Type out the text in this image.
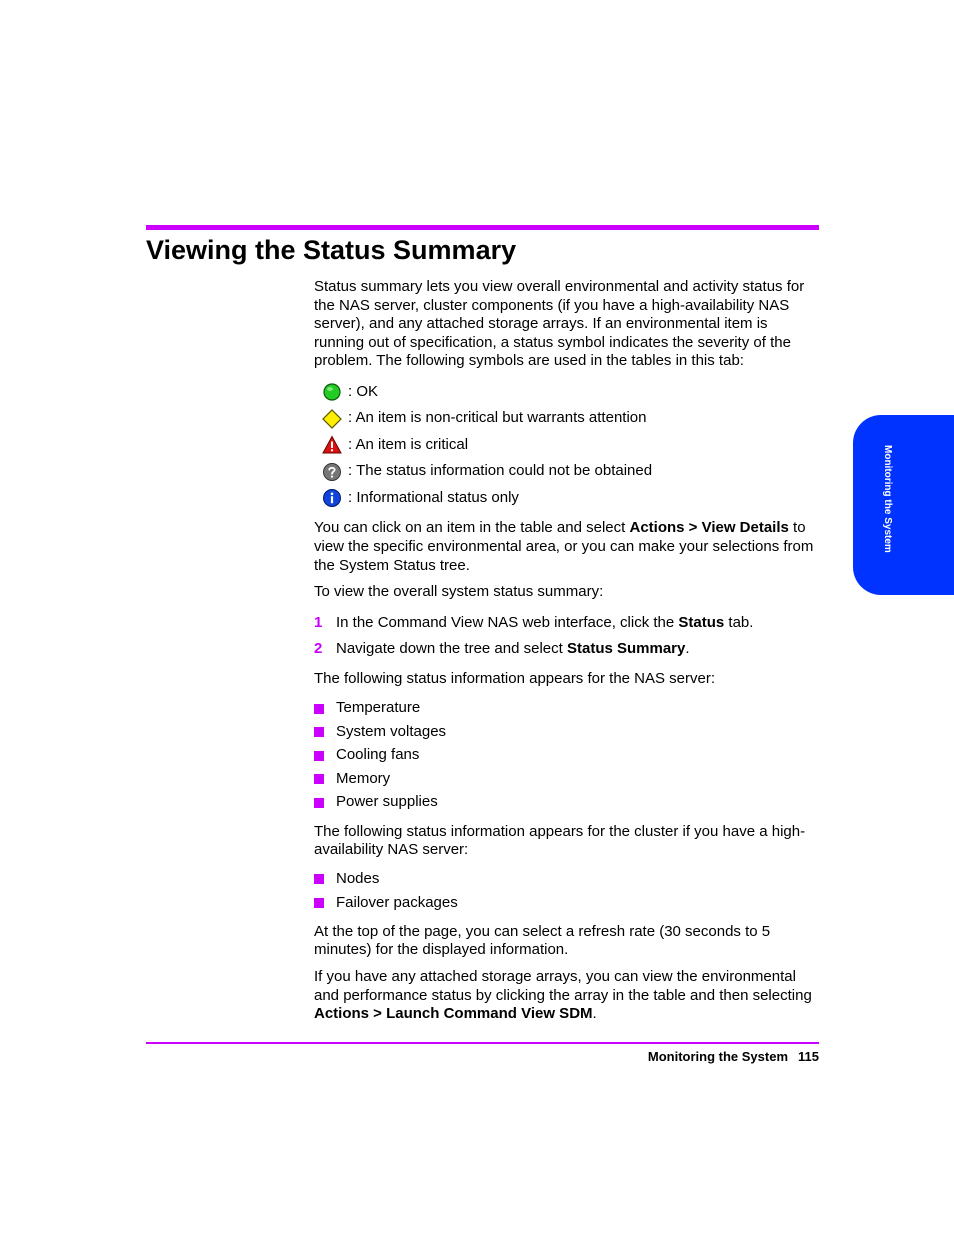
Viewing the Status Summary

Status summary lets you view overall environmental and activity status for the NAS server, cluster components (if you have a high-availability NAS server), and any attached storage arrays. If an environmental item is running out of specification, a status symbol indicates the severity of the problem. The following symbols are used in the tables in this tab:

: OK
: An item is non-critical but warrants attention
: An item is critical
: The status information could not be obtained
: Informational status only

You can click on an item in the table and select Actions > View Details to view the specific environmental area, or you can make your selections from the System Status tree.

To view the overall system status summary:

1 In the Command View NAS web interface, click the Status tab.
2 Navigate down the tree and select Status Summary.

The following status information appears for the NAS server:

Temperature
System voltages
Cooling fans
Memory
Power supplies

The following status information appears for the cluster if you have a high-availability NAS server:

Nodes
Failover packages

At the top of the page, you can select a refresh rate (30 seconds to 5 minutes) for the displayed information.

If you have any attached storage arrays, you can view the environmental and performance status by clicking the array in the table and then selecting Actions > Launch Command View SDM.

Monitoring the System 115
Monitoring the System
